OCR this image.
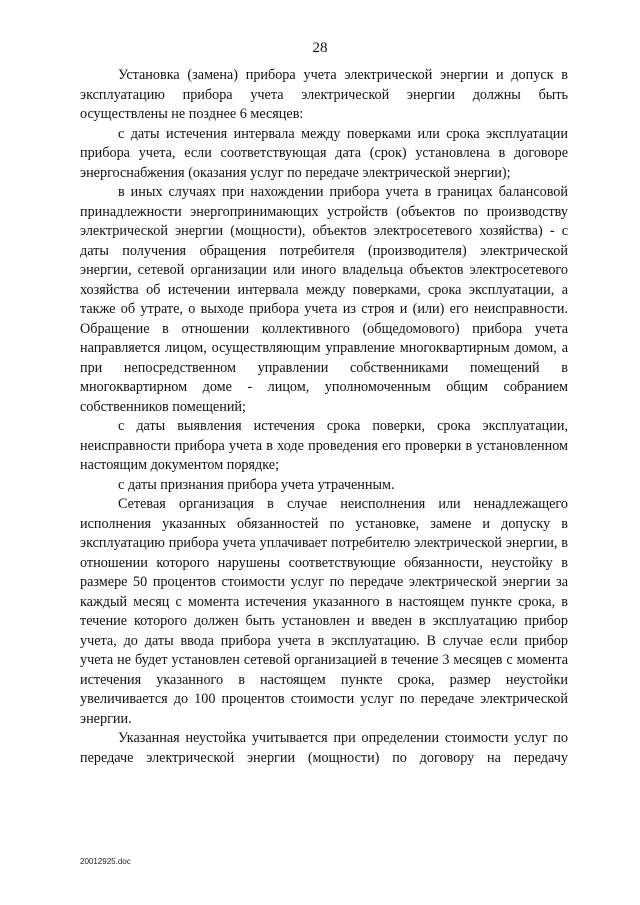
28

Установка (замена) прибора учета электрической энергии и допуск в эксплуатацию прибора учета электрической энергии должны быть осуществлены не позднее 6 месяцев:

с даты истечения интервала между поверками или срока эксплуатации прибора учета, если соответствующая дата (срок) установлена в договоре энергоснабжения (оказания услуг по передаче электрической энергии);

в иных случаях при нахождении прибора учета в границах балансовой принадлежности энергопринимающих устройств (объектов по производству электрической энергии (мощности), объектов электросетевого хозяйства) - с даты получения обращения потребителя (производителя) электрической энергии, сетевой организации или иного владельца объектов электросетевого хозяйства об истечении интервала между поверками, срока эксплуатации, а также об утрате, о выходе прибора учета из строя и (или) его неисправности. Обращение в отношении коллективного (общедомового) прибора учета направляется лицом, осуществляющим управление многоквартирным домом, а при непосредственном управлении собственниками помещений в многоквартирном доме - лицом, уполномоченным общим собранием собственников помещений;

с даты выявления истечения срока поверки, срока эксплуатации, неисправности прибора учета в ходе проведения его проверки в установленном настоящим документом порядке;

с даты признания прибора учета утраченным.

Сетевая организация в случае неисполнения или ненадлежащего исполнения указанных обязанностей по установке, замене и допуску в эксплуатацию прибора учета уплачивает потребителю электрической энергии, в отношении которого нарушены соответствующие обязанности, неустойку в размере 50 процентов стоимости услуг по передаче электрической энергии за каждый месяц с момента истечения указанного в настоящем пункте срока, в течение которого должен быть установлен и введен в эксплуатацию прибор учета, до даты ввода прибора учета в эксплуатацию. В случае если прибор учета не будет установлен сетевой организацией в течение 3 месяцев с момента истечения указанного в настоящем пункте срока, размер неустойки увеличивается до 100 процентов стоимости услуг по передаче электрической энергии.

Указанная неустойка учитывается при определении стоимости услуг по передаче электрической энергии (мощности) по договору на передачу

20012925.doc
